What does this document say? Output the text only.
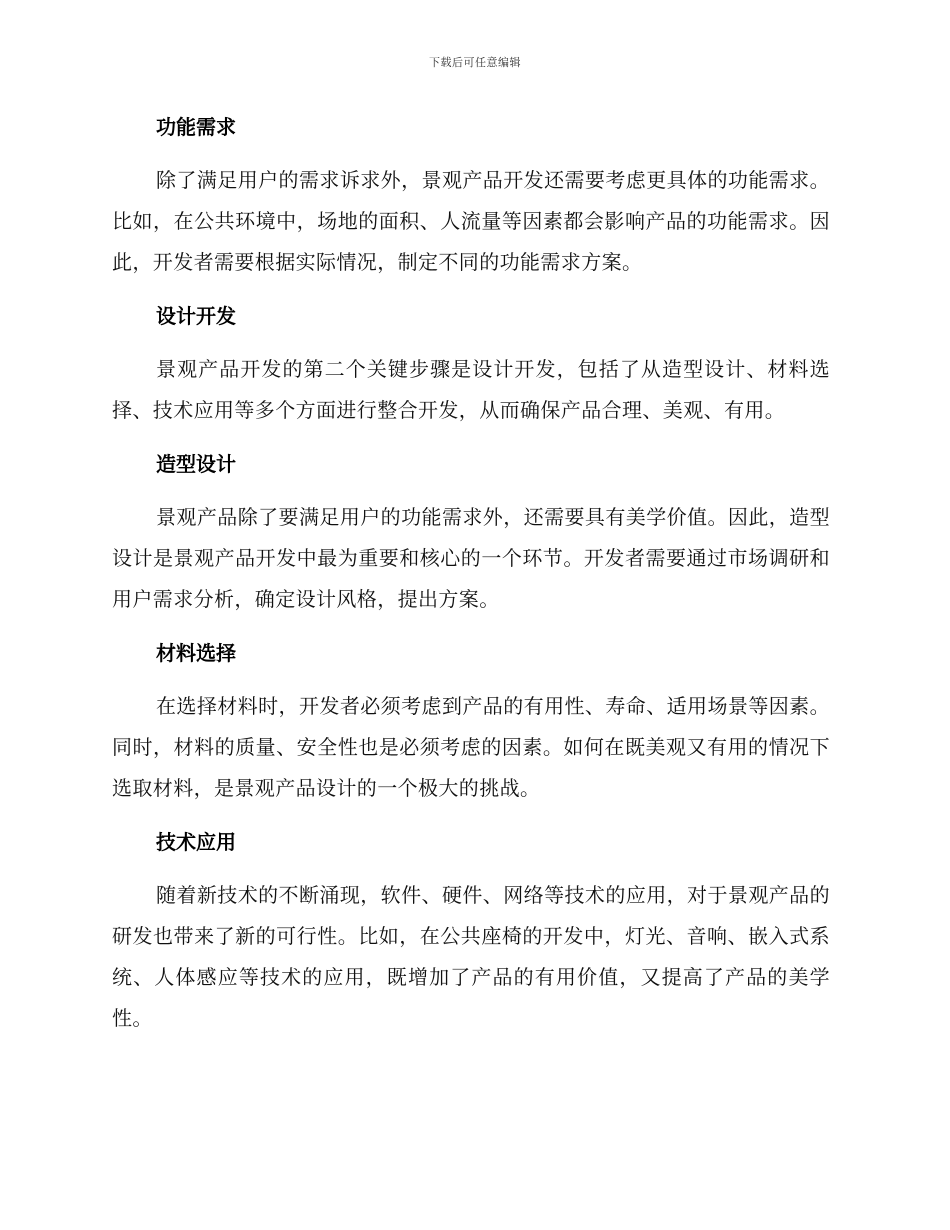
下载后可任意编辑
功能需求

除了满足用户的需求诉求外，景观产品开发还需要考虑更具体的功能需求。比如，在公共环境中，场地的面积、人流量等因素都会影响产品的功能需求。因此，开发者需要根据实际情况，制定不同的功能需求方案。

设计开发

景观产品开发的第二个关键步骤是设计开发，包括了从造型设计、材料选择、技术应用等多个方面进行整合开发，从而确保产品合理、美观、有用。

造型设计

景观产品除了要满足用户的功能需求外，还需要具有美学价值。因此，造型设计是景观产品开发中最为重要和核心的一个环节。开发者需要通过市场调研和用户需求分析，确定设计风格，提出方案。

材料选择

在选择材料时，开发者必须考虑到产品的有用性、寿命、适用场景等因素。同时，材料的质量、安全性也是必须考虑的因素。如何在既美观又有用的情况下选取材料，是景观产品设计的一个极大的挑战。

技术应用

随着新技术的不断涌现，软件、硬件、网络等技术的应用，对于景观产品的研发也带来了新的可行性。比如，在公共座椅的开发中，灯光、音响、嵌入式系统、人体感应等技术的应用，既增加了产品的有用价值，又提高了产品的美学性。
